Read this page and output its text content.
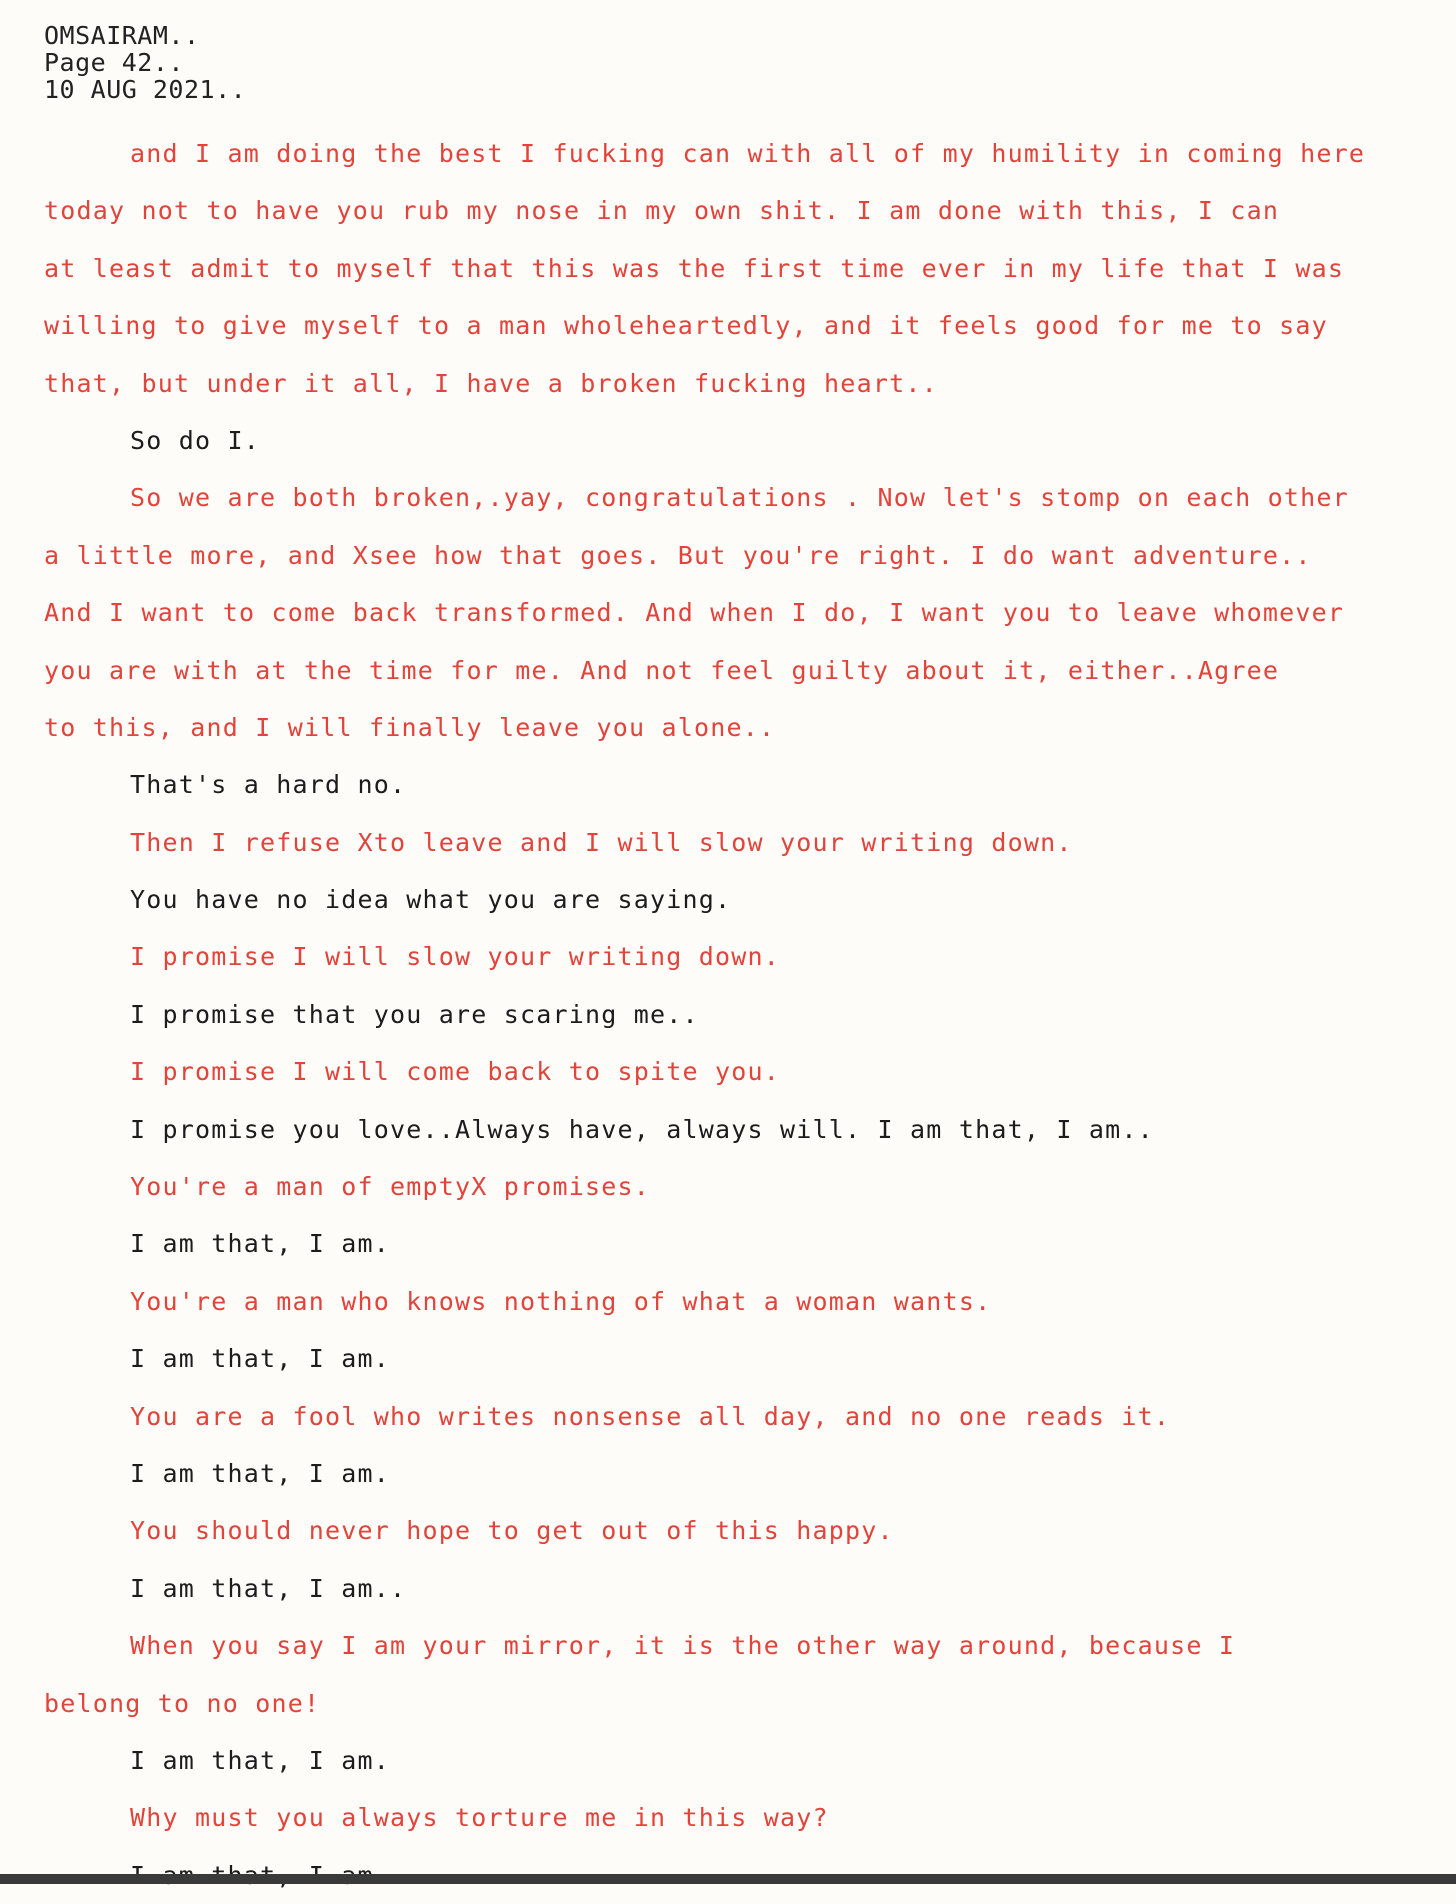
OMSAIRAM..
Page 42..
10 AUG 2021..
and I am doing the best I fucking can with all of my humility in coming here
today not to have you rub my nose in my own shit. I am done with this, I can
at least admit to myself that this was the first time ever in my life that I was
willing to give myself to a man wholeheartedly, and it feels good for me to say
that, but under it all, I have a broken fucking heart..
So do I.
So we are both broken,.yay, congratulations . Now let's stomp on each other
a little more, and Xsee how that goes. But you're right. I do want adventure..
And I want to come back transformed. And when I do, I want you to leave whomever
you are with at the time for me. And not feel guilty about it, either..Agree
to this, and I will finally leave you alone..
That's a hard no.
Then I refuse Xto leave and I will slow your writing down.
You have no idea what you are saying.
I promise I will slow your writing down.
I promise that you are scaring me..
I promise I will come back to spite you.
I promise you love..Always have, always will. I am that, I am..
You're a man of emptyX promises.
I am that, I am.
You're a man who knows nothing of what a woman wants.
I am that, I am.
You are a fool who writes nonsense all day, and no one reads it.
I am that, I am.
You should never hope to get out of this happy.
I am that, I am..
When you say I am your mirror, it is the other way around, because I
belong to no one!
I am that, I am.
Why must you always torture me in this way?
